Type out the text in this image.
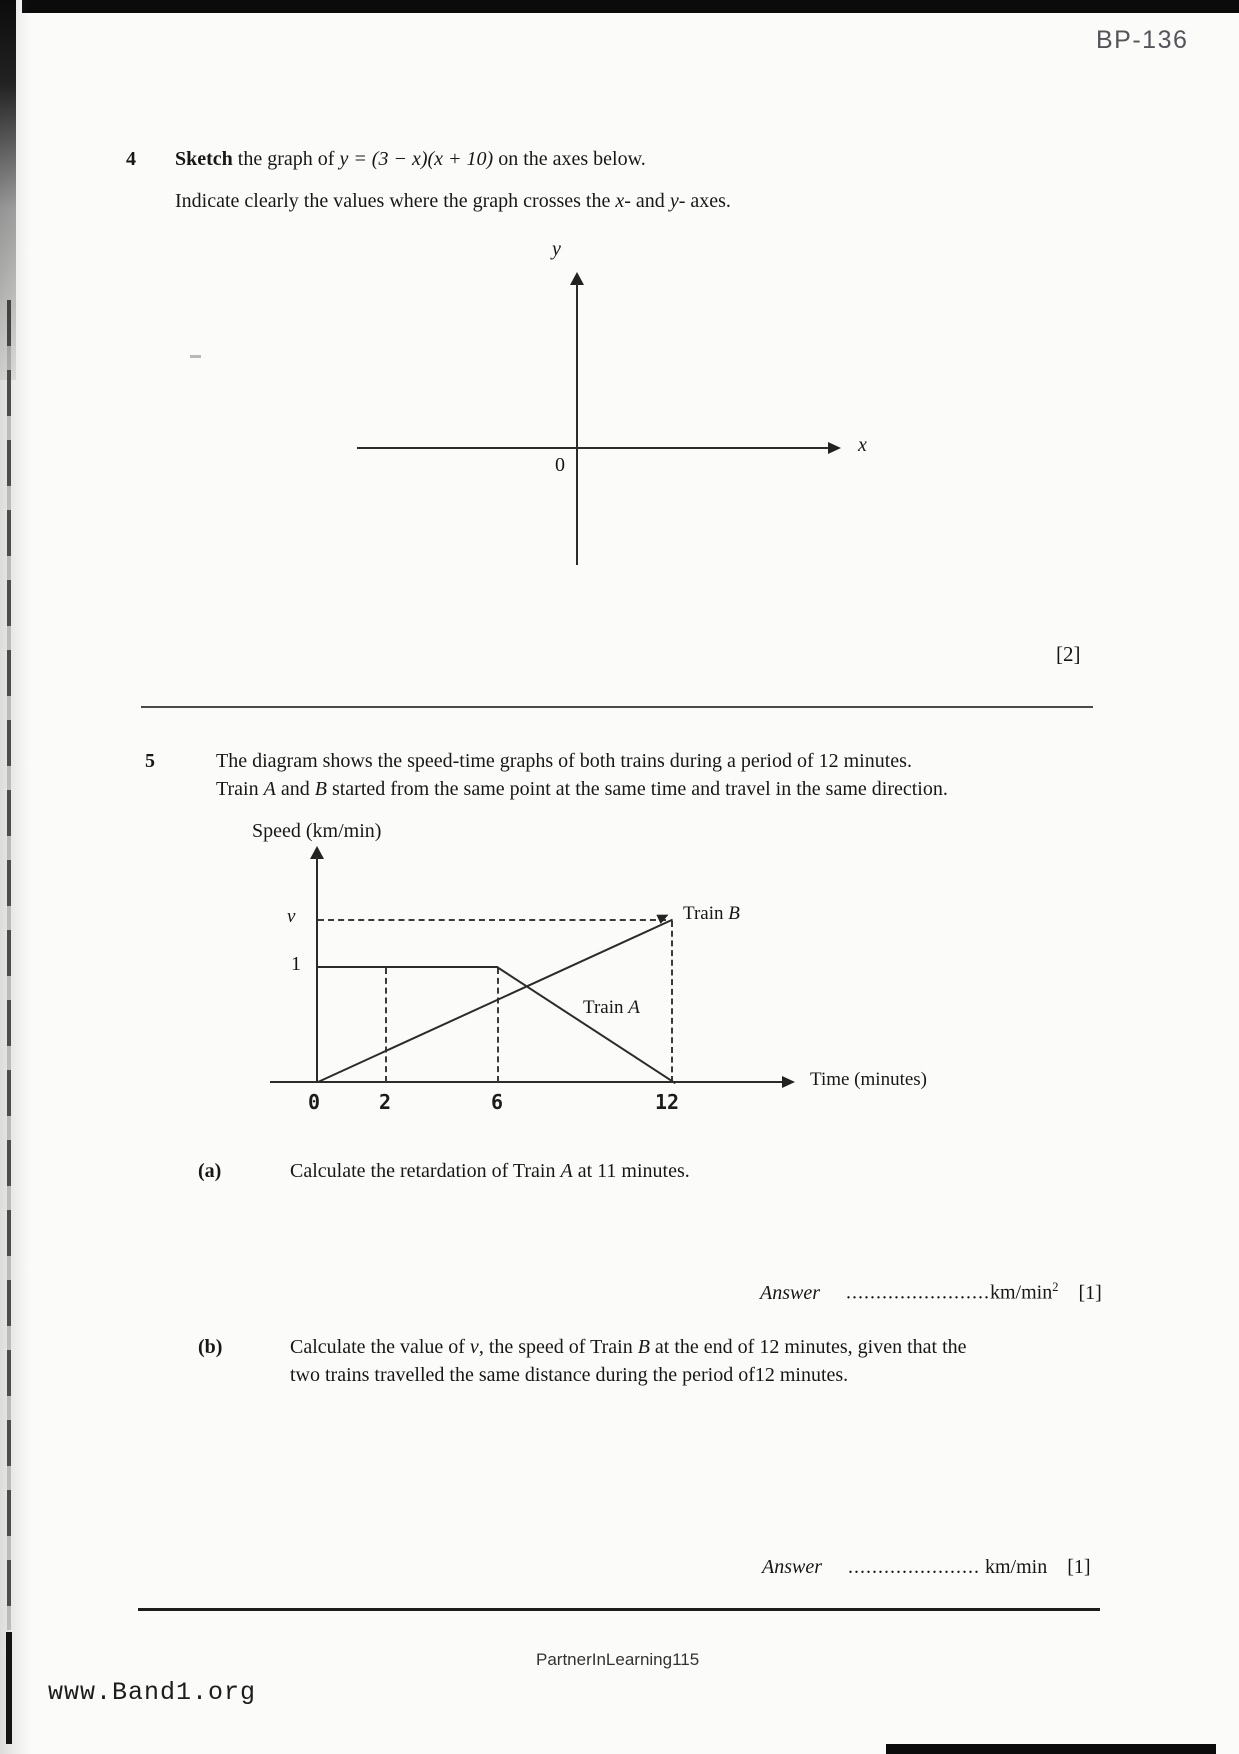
BP-136
4 Sketch the graph of y = (3 − x)(x + 10) on the axes below.
Indicate clearly the values where the graph crosses the x- and y- axes.
y
x
0
[2]
5	The diagram shows the speed-time graphs of both trains during a period of 12 minutes.
Train A and B started from the same point at the same time and travel in the same direction.
Speed (km/min)
Time (minutes)
v
1
Train B
Train A
0	2	6	12
(a)	Calculate the retardation of Train A at 11 minutes.
Answer $........................km/\min^2$ [1]
(b)	Calculate the value of v, the speed of Train B at the end of 12 minutes, given that the
two trains travelled the same distance during the period of12 minutes.
Answer ...................... km/min [1]
PartnerInLearning115
www.Band1.org
